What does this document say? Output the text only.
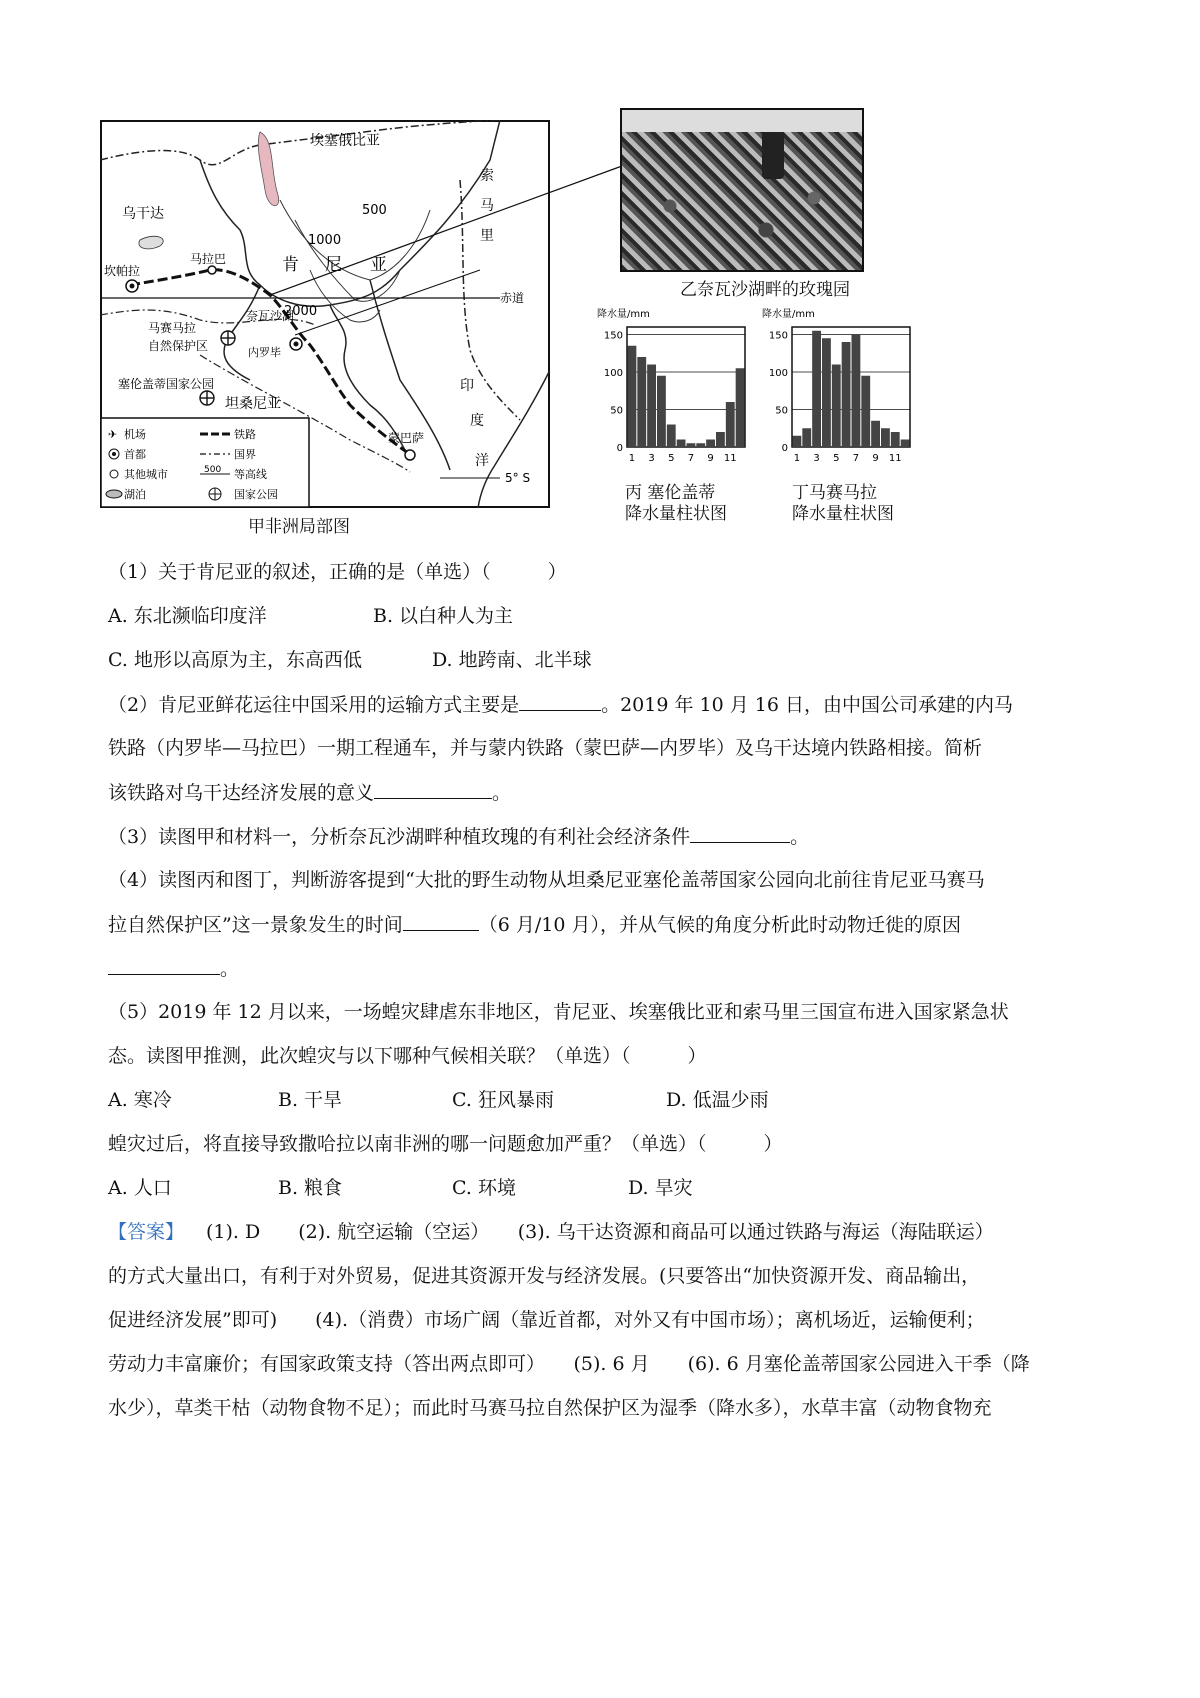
埃塞俄比亚
乌干达
索
马
里
肯 尼 亚
坎帕拉
马拉巴
赤道
奈瓦沙湖
内罗毕
马赛马拉
自然保护区
塞伦盖蒂国家公园
坦桑尼亚
蒙巴萨
印
度
洋
500
1000
2000
5° S
✈ 机场
首都
其他城市
湖泊
铁路
国界
500 等高线
国家公园
甲非洲局部图
乙奈瓦沙湖畔的玫瑰园
降水量/mm
0
50
100
150
1 3 5 7 9 11
降水量/mm
0
50
100
150
1 3 5 7 9 11
丙 塞伦盖蒂
降水量柱状图
丁马赛马拉
降水量柱状图
（1）关于肯尼亚的叙述，正确的是（单选）（　　　）
A. 东北濒临印度洋	B. 以白种人为主
C. 地形以高原为主，东高西低	D. 地跨南、北半球
（2）肯尼亚鲜花运往中国采用的运输方式主要是	。2019 年 10 月 16 日，由中国公司承建的内马
铁路（内罗毕—马拉巴）一期工程通车，并与蒙内铁路（蒙巴萨—内罗毕）及乌干达境内铁路相接。简析
该铁路对乌干达经济发展的意义	。
（3）读图甲和材料一，分析奈瓦沙湖畔种植玫瑰的有利社会经济条件	。
（4）读图丙和图丁，判断游客提到“大批的野生动物从坦桑尼亚塞伦盖蒂国家公园向北前往肯尼亚马赛马
拉自然保护区”这一景象发生的时间	（6 月/10 月），并从气候的角度分析此时动物迁徙的原因
。
（5）2019 年 12 月以来，一场蝗灾肆虐东非地区，肯尼亚、埃塞俄比亚和索马里三国宣布进入国家紧急状
态。读图甲推测，此次蝗灾与以下哪种气候相关联？（单选）（　　　）
A. 寒冷	B. 干旱	C. 狂风暴雨	D. 低温少雨
蝗灾过后，将直接导致撒哈拉以南非洲的哪一问题愈加严重？（单选）（　　　）
A. 人口	B. 粮食	C. 环境	D. 旱灾
【答案】 (1). D　　(2). 航空运输（空运）　　(3). 乌干达资源和商品可以通过铁路与海运（海陆联运）
的方式大量出口，有利于对外贸易，促进其资源开发与经济发展。(只要答出“加快资源开发、商品输出，
促进经济发展”即可)　　(4).（消费）市场广阔（靠近首都，对外又有中国市场）；离机场近，运输便利；
劳动力丰富廉价；有国家政策支持（答出两点即可）　　(5). 6 月　　(6). 6 月塞伦盖蒂国家公园进入干季（降
水少），草类干枯（动物食物不足）；而此时马赛马拉自然保护区为湿季（降水多），水草丰富（动物食物充
